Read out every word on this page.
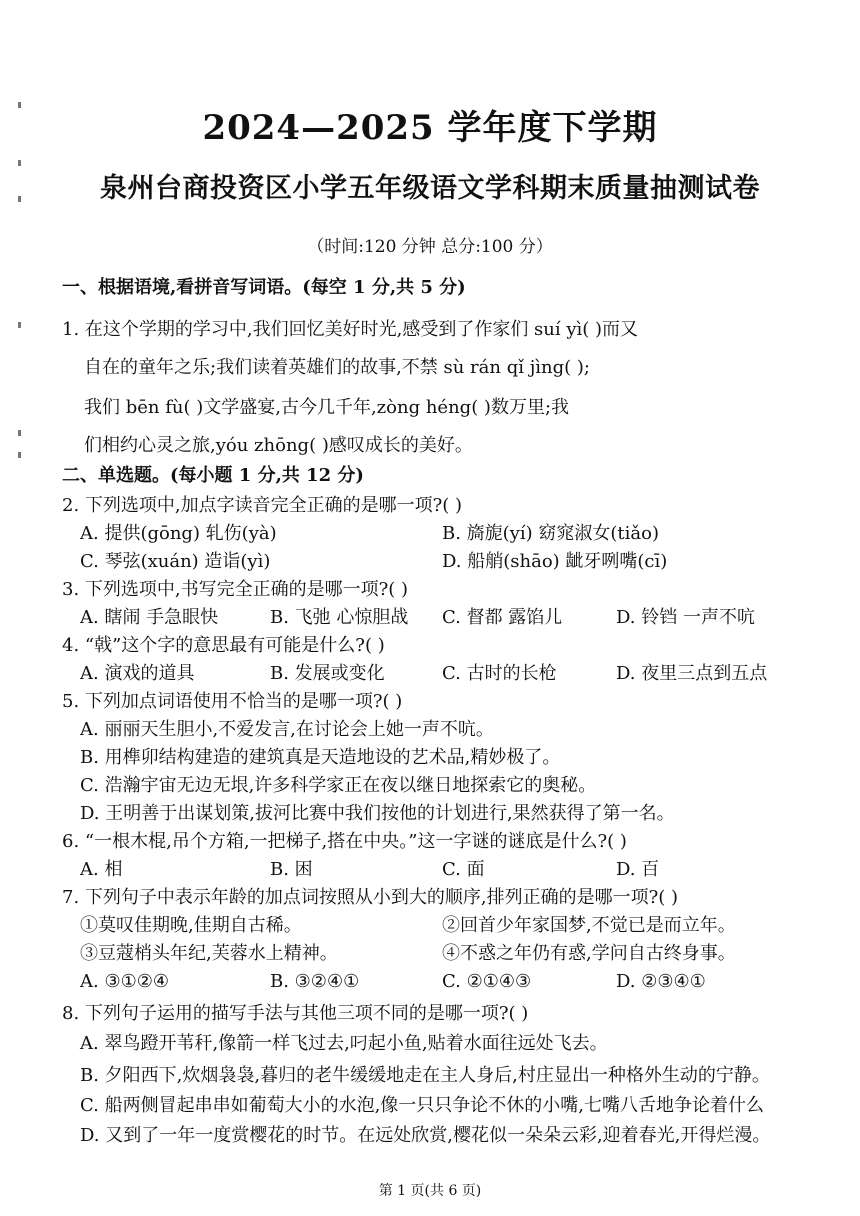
2024—2025 学年度下学期
泉州台商投资区小学五年级语文学科期末质量抽测试卷
（时间:120 分钟 总分:100 分）
一、根据语境,看拼音写词语。(每空 1 分,共 5 分)
1. 在这个学期的学习中,我们回忆美好时光,感受到了作家们 suí yì( )而又
自在的童年之乐;我们读着英雄们的故事,不禁 sù rán qǐ jìng( );
我们 bēn fù( )文学盛宴,古今几千年,zòng héng( )数万里;我
们相约心灵之旅,yóu zhōng( )感叹成长的美好。
二、单选题。(每小题 1 分,共 12 分)
2. 下列选项中,加点字读音完全正确的是哪一项?( )
A. 提供(gōng) 轧伤(yà)	B. 旖旎(yí) 窈窕淑女(tiǎo)
C. 琴弦(xuán) 造诣(yì)	D. 船艄(shāo) 龇牙咧嘴(cī)
3. 下列选项中,书写完全正确的是哪一项?( )
A. 瞎闹 手急眼快	B. 飞弛 心惊胆战 C. 督都 露馅儿	D. 铃铛 一声不吭
4. “戟”这个字的意思最有可能是什么?( )
A. 演戏的道具	B. 发展或变化	C. 古时的长枪	D. 夜里三点到五点
5. 下列加点词语使用不恰当的是哪一项?( )
A. 丽丽天生胆小,不爱发言,在讨论会上她一声不吭。
B. 用榫卯结构建造的建筑真是天造地设的艺术品,精妙极了。
C. 浩瀚宇宙无边无垠,许多科学家正在夜以继日地探索它的奥秘。
D. 王明善于出谋划策,拔河比赛中我们按他的计划进行,果然获得了第一名。
6. “一根木棍,吊个方箱,一把梯子,搭在中央。”这一字谜的谜底是什么?( )
A. 相	B. 困	C. 面	D. 百
7. 下列句子中表示年龄的加点词按照从小到大的顺序,排列正确的是哪一项?( )
①莫叹佳期晚,佳期自古稀。	②回首少年家国梦,不觉已是而立年。
③豆蔻梢头年纪,芙蓉水上精神。	④不惑之年仍有惑,学问自古终身事。
A. ③①②④	B. ③②④①	C. ②①④③	D. ②③④①
8. 下列句子运用的描写手法与其他三项不同的是哪一项?( )
A. 翠鸟蹬开苇秆,像箭一样飞过去,叼起小鱼,贴着水面往远处飞去。
B. 夕阳西下,炊烟袅袅,暮归的老牛缓缓地走在主人身后,村庄显出一种格外生动的宁静。
C. 船两侧冒起串串如葡萄大小的水泡,像一只只争论不休的小嘴,七嘴八舌地争论着什么
D. 又到了一年一度赏樱花的时节。在远处欣赏,樱花似一朵朵云彩,迎着春光,开得烂漫。
第 1 页(共 6 页)
